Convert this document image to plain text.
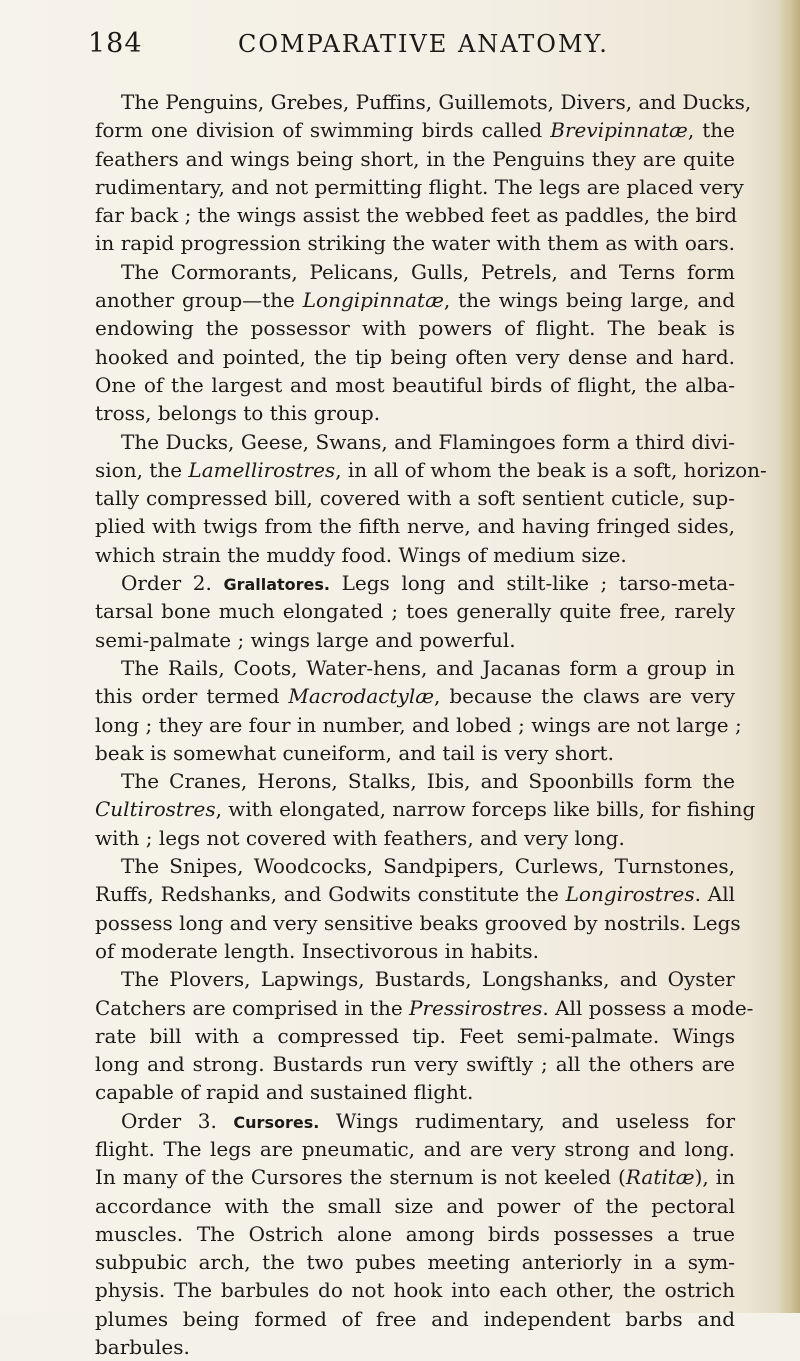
184	COMPARATIVE ANATOMY.
The Penguins, Grebes, Puffins, Guillemots, Divers, and Ducks,
form one division of swimming birds called Brevipinnatæ, the
feathers and wings being short, in the Penguins they are quite
rudimentary, and not permitting flight. The legs are placed very
far back ; the wings assist the webbed feet as paddles, the bird
in rapid progression striking the water with them as with oars.
The Cormorants, Pelicans, Gulls, Petrels, and Terns form
another group—the Longipinnatæ, the wings being large, and
endowing the possessor with powers of flight. The beak is
hooked and pointed, the tip being often very dense and hard.
One of the largest and most beautiful birds of flight, the alba-
tross, belongs to this group.
The Ducks, Geese, Swans, and Flamingoes form a third divi-
sion, the Lamellirostres, in all of whom the beak is a soft, horizon-
tally compressed bill, covered with a soft sentient cuticle, sup-
plied with twigs from the fifth nerve, and having fringed sides,
which strain the muddy food. Wings of medium size.
Order 2. Grallatores. Legs long and stilt-like ; tarso-meta-
tarsal bone much elongated ; toes generally quite free, rarely
semi-palmate ; wings large and powerful.
The Rails, Coots, Water-hens, and Jacanas form a group in
this order termed Macrodactylæ, because the claws are very
long ; they are four in number, and lobed ; wings are not large ;
beak is somewhat cuneiform, and tail is very short.
The Cranes, Herons, Stalks, Ibis, and Spoonbills form the
Cultirostres, with elongated, narrow forceps like bills, for fishing
with ; legs not covered with feathers, and very long.
The Snipes, Woodcocks, Sandpipers, Curlews, Turnstones,
Ruffs, Redshanks, and Godwits constitute the Longirostres. All
possess long and very sensitive beaks grooved by nostrils. Legs
of moderate length. Insectivorous in habits.
The Plovers, Lapwings, Bustards, Longshanks, and Oyster
Catchers are comprised in the Pressirostres. All possess a mode-
rate bill with a compressed tip. Feet semi-palmate. Wings
long and strong. Bustards run very swiftly ; all the others are
capable of rapid and sustained flight.
Order 3. Cursores. Wings rudimentary, and useless for
flight. The legs are pneumatic, and are very strong and long.
In many of the Cursores the sternum is not keeled (Ratitæ), in
accordance with the small size and power of the pectoral
muscles. The Ostrich alone among birds possesses a true
subpubic arch, the two pubes meeting anteriorly in a sym-
physis. The barbules do not hook into each other, the ostrich
plumes being formed of free and independent barbs and
barbules.
